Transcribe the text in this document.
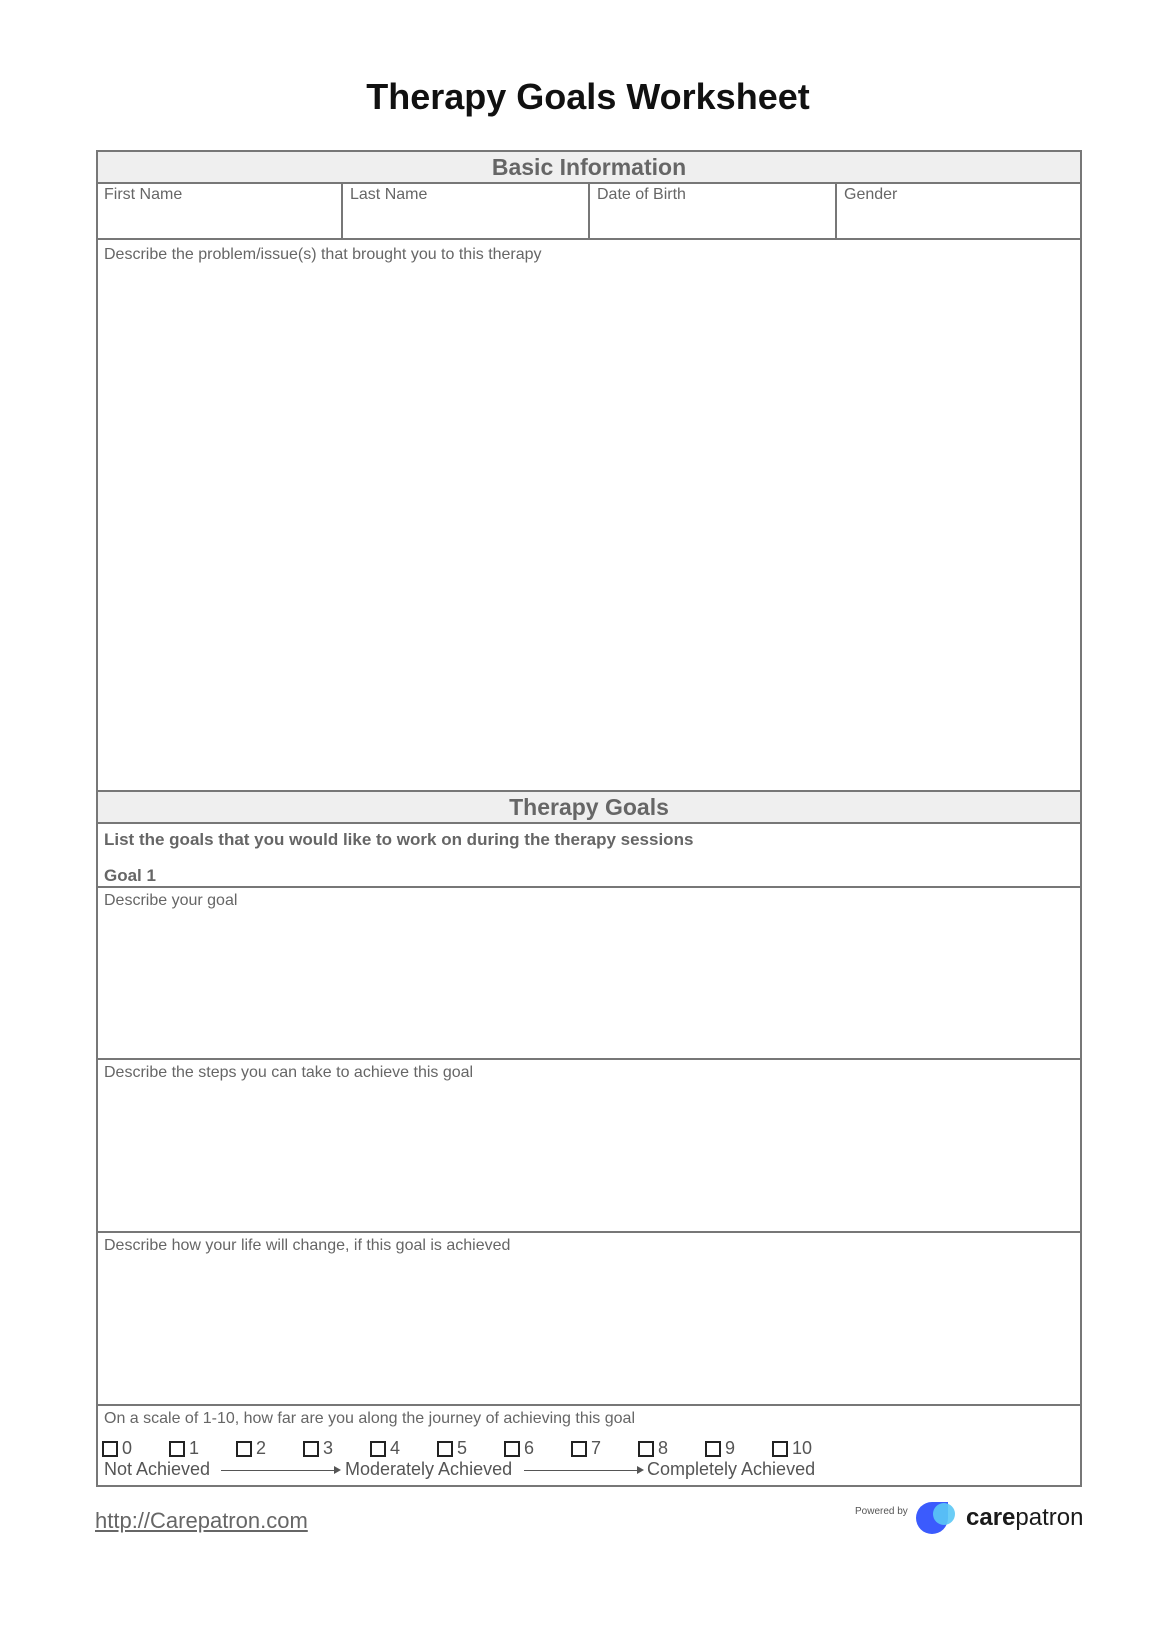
Therapy Goals Worksheet
Basic Information
First Name	Last Name	Date of Birth	Gender
Describe the problem/issue(s) that brought you to this therapy
Therapy Goals
List the goals that you would like to work on during the therapy sessions
Goal 1
Describe your goal
Describe the steps you can take to achieve this goal
Describe how your life will change, if this goal is achieved
On a scale of 1-10, how far are you along the journey of achieving this goal
0	1	2	3	4	5	6	7	8	9	10
Not Achieved	Moderately Achieved	Completely Achieved
http://Carepatron.com	Powered by carepatron
